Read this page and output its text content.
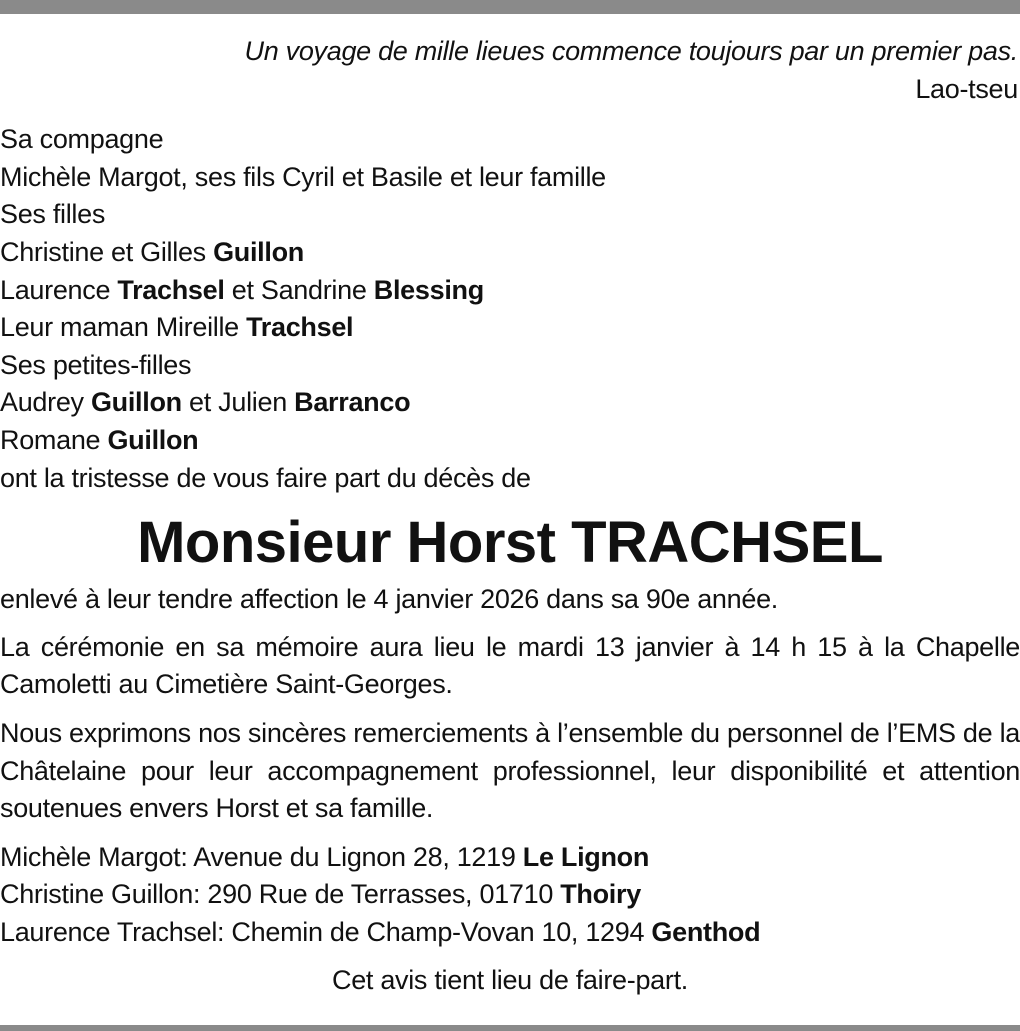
Un voyage de mille lieues commence toujours par un premier pas.
Lao-tseu
Sa compagne
Michèle Margot, ses fils Cyril et Basile et leur famille
Ses filles
Christine et Gilles Guillon
Laurence Trachsel et Sandrine Blessing
Leur maman Mireille Trachsel
Ses petites-filles
Audrey Guillon et Julien Barranco
Romane Guillon
ont la tristesse de vous faire part du décès de
Monsieur Horst TRACHSEL
enlevé à leur tendre affection le 4 janvier 2026 dans sa 90e année.
La cérémonie en sa mémoire aura lieu le mardi 13 janvier à 14 h 15 à la Chapelle Camoletti au Cimetière Saint-Georges.
Nous exprimons nos sincères remerciements à l’ensemble du personnel de l’EMS de la Châtelaine pour leur accompagnement professionnel, leur disponibilité et attention soutenues envers Horst et sa famille.
Michèle Margot: Avenue du Lignon 28, 1219 Le Lignon
Christine Guillon: 290 Rue de Terrasses, 01710 Thoiry
Laurence Trachsel: Chemin de Champ-Vovan 10, 1294 Genthod
Cet avis tient lieu de faire-part.
